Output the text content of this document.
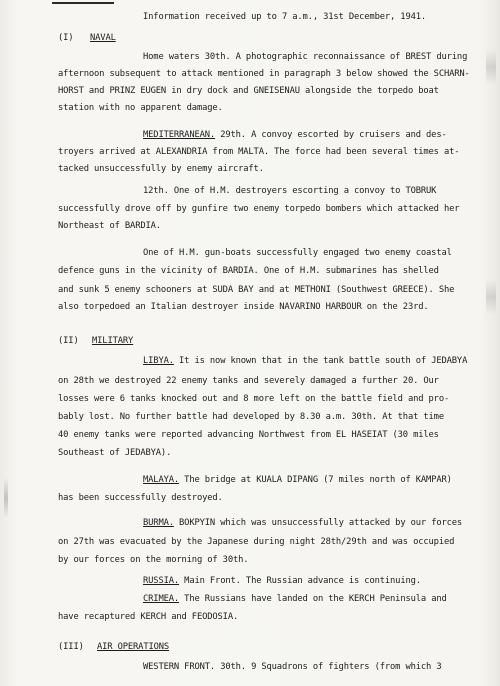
Information received up to 7 a.m., 31st December, 1941.
(I) NAVAL
Home waters 30th. A photographic reconnaissance of BREST during
afternoon subsequent to attack mentioned in paragraph 3 below showed the SCHARN-
HORST and PRINZ EUGEN in dry dock and GNEISENAU alongside the torpedo boat
station with no apparent damage.
MEDITERRANEAN. 29th. A convoy escorted by cruisers and des-
troyers arrived at ALEXANDRIA from MALTA. The force had been several times at-
tacked unsuccessfully by enemy aircraft.
12th. One of H.M. destroyers escorting a convoy to TOBRUK
successfully drove off by gunfire two enemy torpedo bombers which attacked her
Northeast of BARDIA.
One of H.M. gun-boats successfully engaged two enemy coastal
defence guns in the vicinity of BARDIA. One of H.M. submarines has shelled
and sunk 5 enemy schooners at SUDA BAY and at METHONI (Southwest GREECE). She
also torpedoed an Italian destroyer inside NAVARINO HARBOUR on the 23rd.
(II) MILITARY
LIBYA. It is now known that in the tank battle south of JEDABYA
on 28th we destroyed 22 enemy tanks and severely damaged a further 20. Our
losses were 6 tanks knocked out and 8 more left on the battle field and pro-
bably lost. No further battle had developed by 8.30 a.m. 30th. At that time
40 enemy tanks were reported advancing Northwest from EL HASEIAT (30 miles
Southeast of JEDABYA).
MALAYA. The bridge at KUALA DIPANG (7 miles north of KAMPAR)
has been successfully destroyed.
BURMA. BOKPYIN which was unsuccessfully attacked by our forces
on 27th was evacuated by the Japanese during night 28th/29th and was occupied
by our forces on the morning of 30th.
RUSSIA. Main Front. The Russian advance is continuing.
CRIMEA. The Russians have landed on the KERCH Peninsula and
have recaptured KERCH and FEODOSIA.
(III) AIR OPERATIONS
WESTERN FRONT. 30th. 9 Squadrons of fighters (from which 3
